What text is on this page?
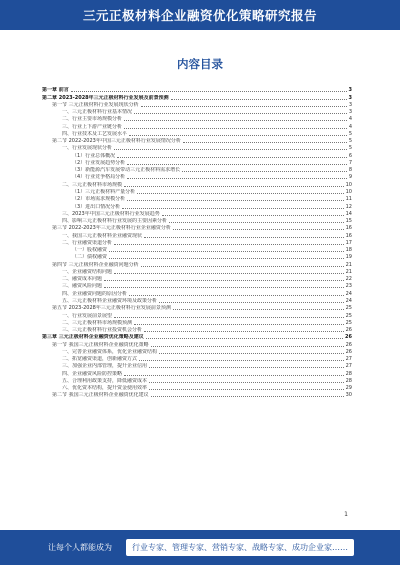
三元正极材料企业融资优化策略研究报告
内容目录
第一章 前言	3
第二章 2023-2028年三元正极材料行业发展及前景预测	3
第一节 三元正极材料行业发展现状分析	3
一、三元正极材料行业基本情况	3
二、行业主要市场规模分析	4
三、行业上下游产业链分析	4
四、行业技术及工艺发展水平	5
第二节 2022-2023年中国三元正极材料行业发展情况分析	5
一、行业发展现状分析	5
（1）行业总体概况	6
（2）行业发展趋势分析	7
（3）新能源汽车发展带动三元正极材料需求增长	8
（4）行业竞争格局分析	9
二、三元正极材料市场规模	10
（1）三元正极材料产量分析	10
（2）市场需求规模分析	11
（3）进出口情况分析	12
三、2023年中国三元正极材料行业发展趋势	14
四、影响三元正极材料行业发展的主要因素分析	15
第三节 2022-2023年三元正极材料行业企业融资分析	16
一、我国三元正极材料企业融资现状	16
二、行业融资渠道分析	17
（一）股权融资	18
（二）债权融资	19
第四节 三元正极材料企业融资问题分析	21
一、企业融资结构问题	21
二、融资成本问题	22
三、融资风险问题	23
四、企业融资问题的原因分析	24
五、三元正极材料企业融资环境及政策分析	24
第五节 2023-2028年三元正极材料行业发展前景预测	25
一、行业发展前景展望	25
二、三元正极材料市场规模预测	25
三、三元正极材料行业投资机会分析	26
第三章 三元正极材料企业融资优化策略及建议	26
第一节 我国三元正极材料企业融资优化策略	26
一、完善企业融资体系，优化企业融资结构	26
二、拓宽融资渠道，创新融资方式	27
三、加强企业内部管理，提升企业信用	27
四、企业融资风险防控策略	28
五、合理利用政策支持，降低融资成本	28
六、优化资本结构，提升资金使用效率	29
第二节 我国三元正极材料企业融资优化建议	30
1
让每个人都能成为	行业专家、管理专家、营销专家、战略专家、成功企业家……
